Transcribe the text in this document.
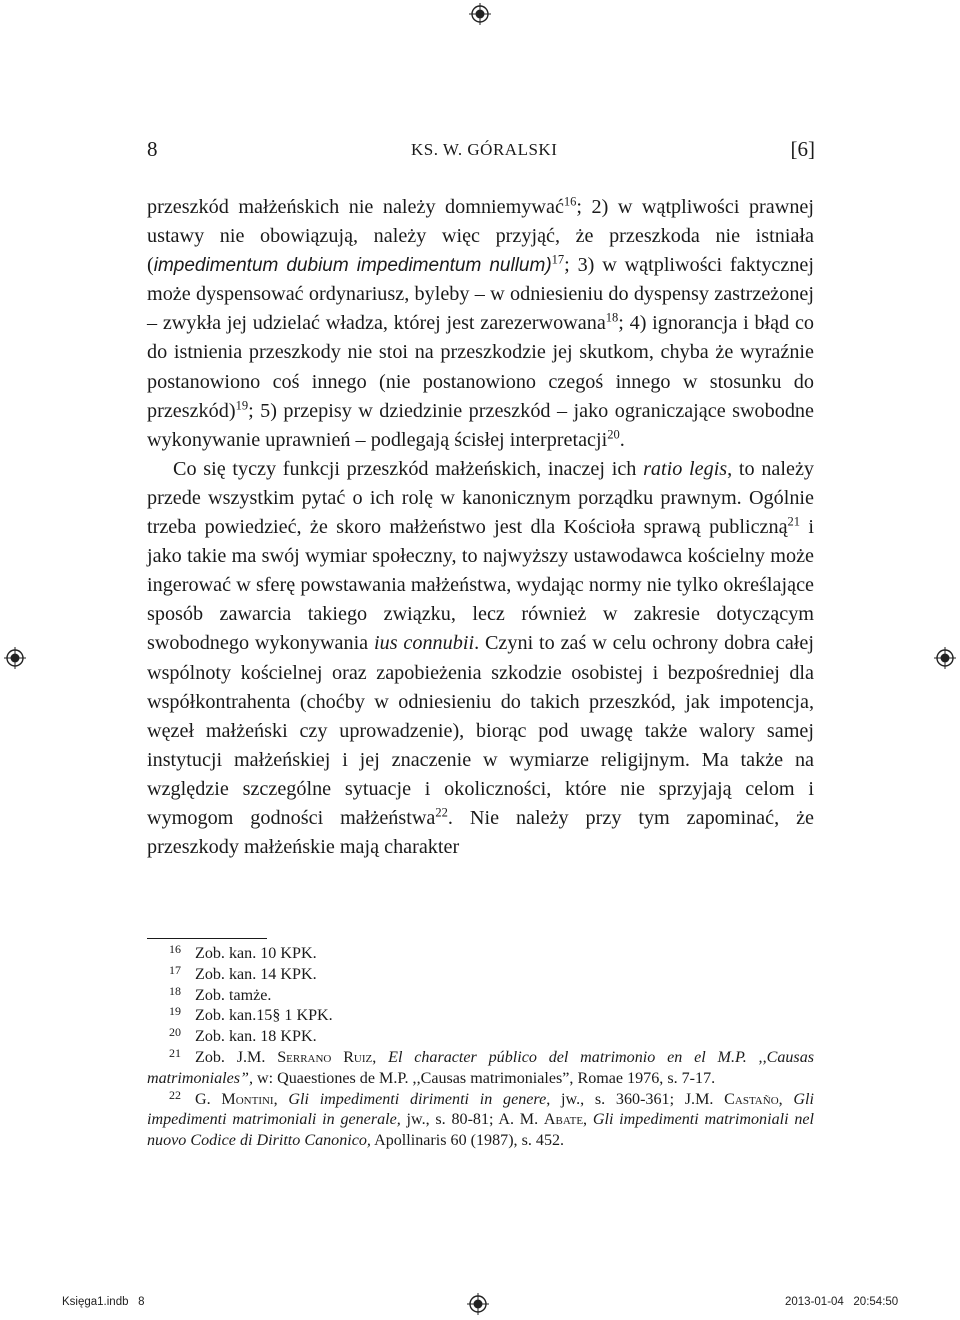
8	KS. W. GÓRALSKI	[6]

przeszkód małżeńskich nie należy domniemywać$^{16}$; 2) w wątpliwości prawnej ustawy nie obowiązują, należy więc przyjąć, że przeszkoda nie istniała (impedimentum dubium impedimentum nullum)$^{17}$; 3) w wątpliwości faktycznej może dyspensować ordynariusz, byleby – w odniesieniu do dyspensy zastrzeżonej – zwykła jej udzielać władza, której jest zarezerwowana$^{18}$; 4) ignorancja i błąd co do istnienia przeszkody nie stoi na przeszkodzie jej skutkom, chyba że wyraźnie postanowiono coś innego (nie postanowiono czegoś innego w stosunku do przeszkód)$^{19}$; 5) przepisy w dziedzinie przeszkód – jako ograniczające swobodne wykonywanie uprawnień – podlegają ścisłej interpretacji$^{20}$.

Co się tyczy funkcji przeszkód małżeńskich, inaczej ich ratio legis, to należy przede wszystkim pytać o ich rolę w kanonicznym porządku prawnym. Ogólnie trzeba powiedzieć, że skoro małżeństwo jest dla Kościoła sprawą publiczną$^{21}$ i jako takie ma swój wymiar społeczny, to najwyższy ustawodawca kościelny może ingerować w sferę powstawania małżeństwa, wydając normy nie tylko określające sposób zawarcia takiego związku, lecz również w zakresie dotyczącym swobodnego wykonywania ius connubii. Czyni to zaś w celu ochrony dobra całej wspólnoty kościelnej oraz zapobieżenia szkodzie osobistej i bezpośredniej dla współkontrahenta (choćby w odniesieniu do takich przeszkód, jak impotencja, węzeł małżeński czy uprowadzenie), biorąc pod uwagę także walory samej instytucji małżeńskiej i jej znaczenie w wymiarze religijnym. Ma także na względzie szczególne sytuacje i okoliczności, które nie sprzyjają celom i wymogom godności małżeństwa$^{22}$. Nie należy przy tym zapominać, że przeszkody małżeńskie mają charakter

16 Zob. kan. 10 KPK.

17 Zob. kan. 14 KPK.

18 Zob. tamże.

19 Zob. kan.15§ 1 KPK.

20 Zob. kan. 18 KPK.

21 Zob. J.M. Serrano Ruiz, El character público del matrimonio en el M.P. ,,Causas matrimoniales”, w: Quaestiones de M.P. ,,Causas matrimoniales”, Romae 1976, s. 7-17.

22 G. Montini, Gli impedimenti dirimenti in genere, jw., s. 360-361; J.M. Castaño, Gli impedimenti matrimoniali in generale, jw., s. 80-81; A. M. Abate, Gli impedimenti matrimoniali nel nuovo Codice di Diritto Canonico, Apollinaris 60 (1987), s. 452.

Księga1.indb   8	2013-01-04   20:54:50
